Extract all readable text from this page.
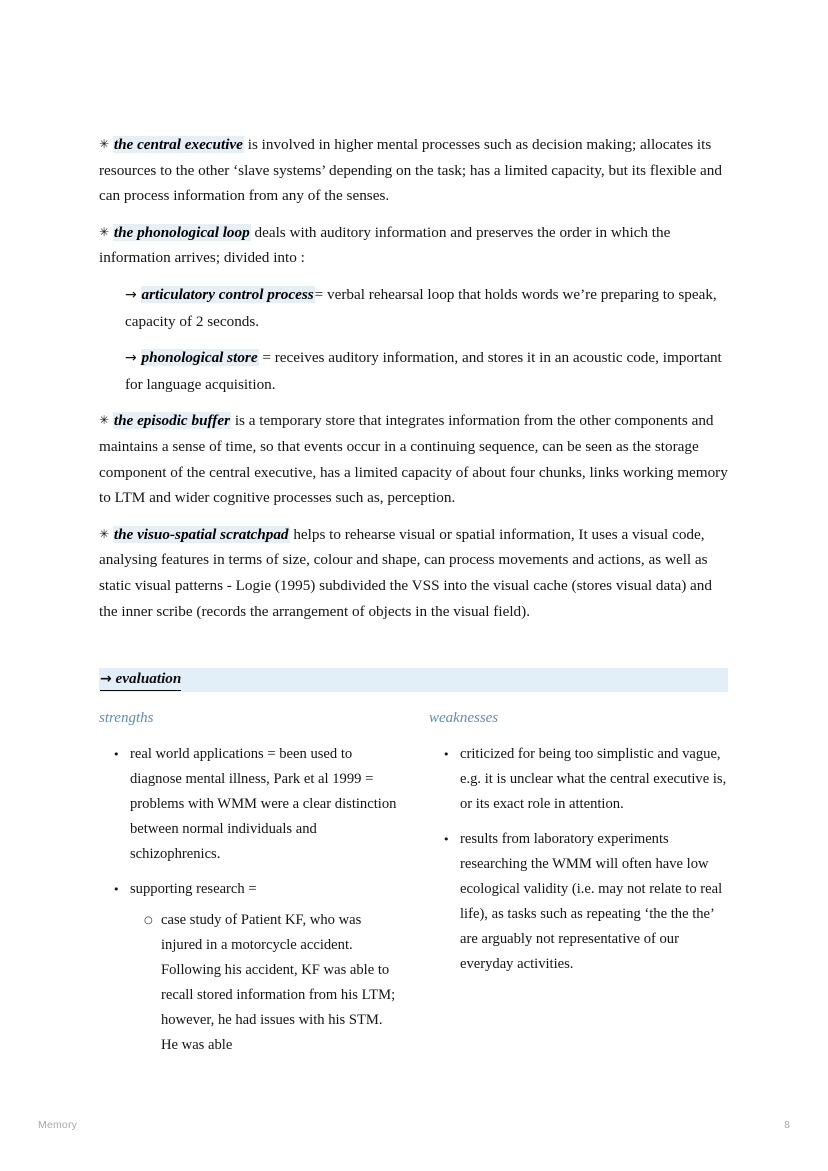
✳ the central executive is involved in higher mental processes such as decision making; allocates its resources to the other ‘slave systems’ depending on the task; has a limited capacity, but its flexible and can process information from any of the senses.

✳ the phonological loop deals with auditory information and preserves the order in which the information arrives; divided into :

→ articulatory control process= verbal rehearsal loop that holds words we’re preparing to speak, capacity of 2 seconds.

→ phonological store = receives auditory information, and stores it in an acoustic code, important for language acquisition.

✳ the episodic buffer is a temporary store that integrates information from the other components and maintains a sense of time, so that events occur in a continuing sequence, can be seen as the storage component of the central executive, has a limited capacity of about four chunks, links working memory to LTM and wider cognitive processes such as, perception.

✳ the visuo-spatial scratchpad helps to rehearse visual or spatial information, It uses a visual code, analysing features in terms of size, colour and shape, can process movements and actions, as well as static visual patterns - Logie (1995) subdivided the VSS into the visual cache (stores visual data) and the inner scribe (records the arrangement of objects in the visual field).

→ evaluation
strengths
• real world applications = been used to diagnose mental illness, Park et al 1999 = problems with WMM were a clear distinction between normal individuals and schizophrenics.
• supporting research =
○ case study of Patient KF, who was injured in a motorcycle accident. Following his accident, KF was able to recall stored information from his LTM; however, he had issues with his STM. He was able
weaknesses
• criticized for being too simplistic and vague, e.g. it is unclear what the central executive is, or its exact role in attention.
• results from laboratory experiments researching the WMM will often have low ecological validity (i.e. may not relate to real life), as tasks such as repeating ‘the the the’ are arguably not representative of our everyday activities.
Memory	8
